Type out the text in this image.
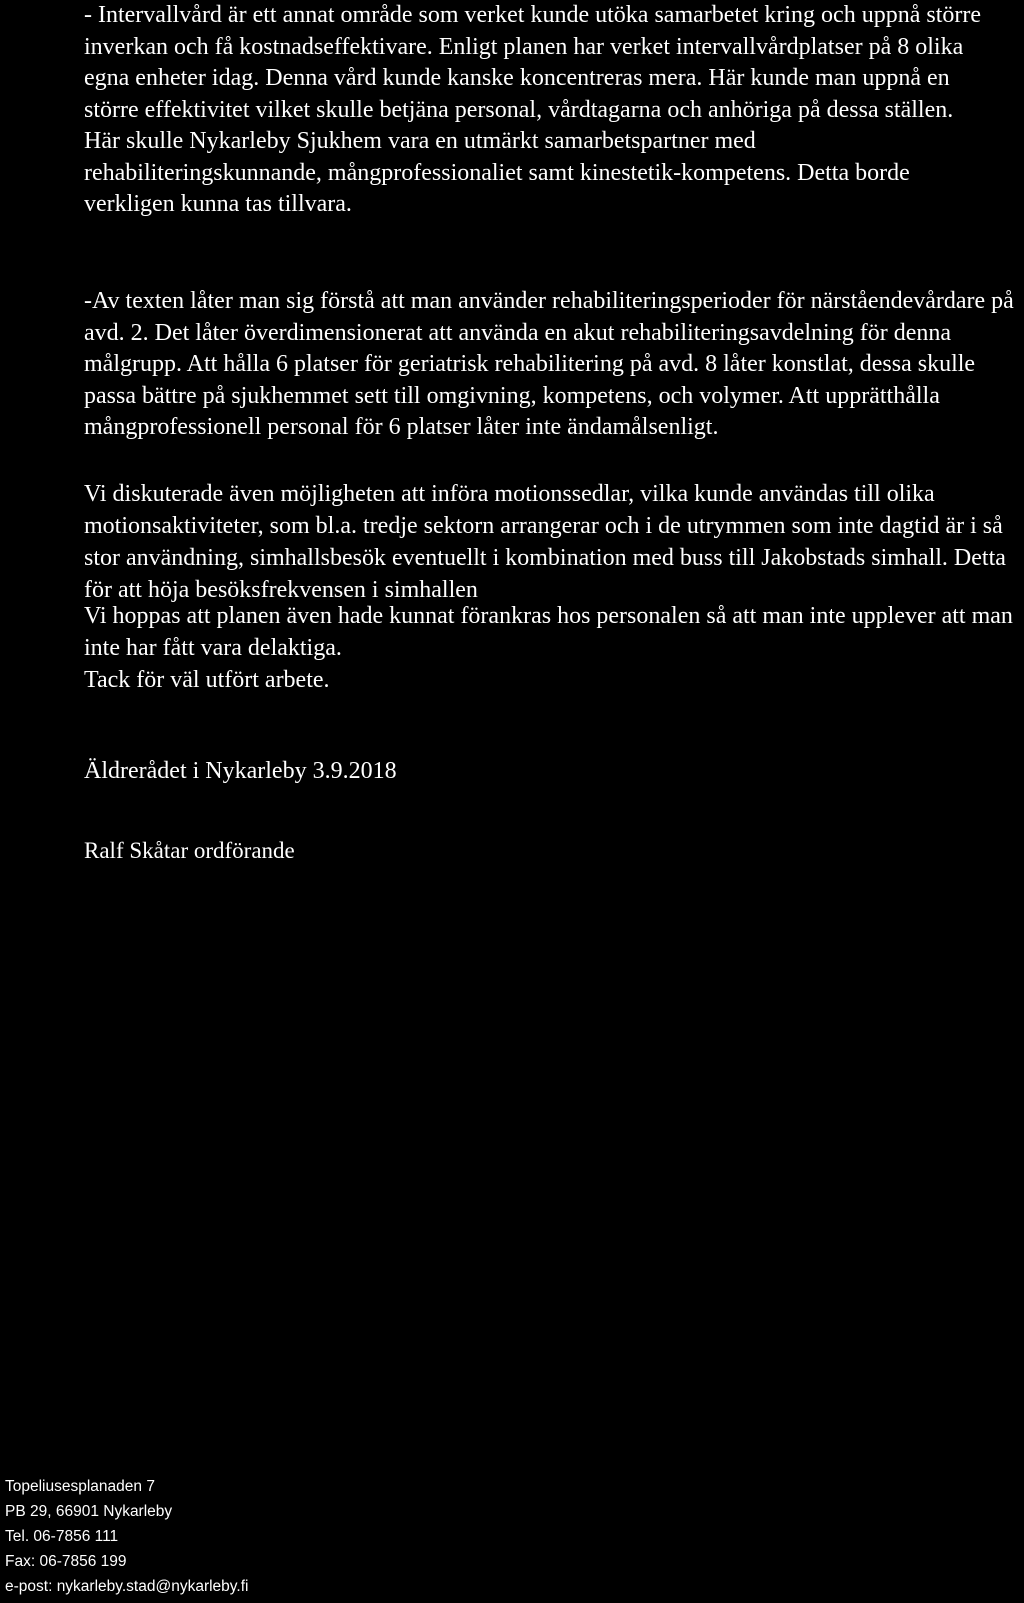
- Intervallvård är ett annat område som verket kunde utöka samarbetet kring och uppnå större inverkan och få kostnadseffektivare. Enligt planen har verket intervallvårdplatser på 8 olika egna enheter idag. Denna vård kunde kanske koncentreras mera. Här kunde man uppnå en större effektivitet vilket skulle betjäna personal, vårdtagarna och anhöriga på dessa ställen. Här skulle Nykarleby Sjukhem vara en utmärkt samarbetspartner med rehabiliteringskunnande, mångprofessionaliet samt kinestetik-kompetens. Detta borde verkligen kunna tas tillvara.

-Av texten låter man sig förstå att man använder rehabiliteringsperioder för närståendevårdare på avd. 2. Det låter överdimensionerat att använda en akut rehabiliteringsavdelning för denna målgrupp. Att hålla 6 platser för geriatrisk rehabilitering på avd. 8 låter konstlat, dessa skulle passa bättre på sjukhemmet sett till omgivning, kompetens, och volymer. Att upprätthålla mångprofessionell personal för 6 platser låter inte ändamålsenligt.

Vi diskuterade även möjligheten att införa motionssedlar, vilka kunde användas till olika motionsaktiviteter, som bl.a. tredje sektorn arrangerar och i de utrymmen som inte dagtid är i så stor användning, simhallsbesök eventuellt i kombination med buss till Jakobstads simhall. Detta för att höja besöksfrekvensen i simhallen

Vi hoppas att planen även hade kunnat förankras hos personalen så att man inte upplever att man inte har fått vara delaktiga.

Tack för väl utfört arbete.

Äldrerådet i Nykarleby 3.9.2018
Ralf Skåtar ordförande
Topeliusesplanaden 7
PB 29, 66901 Nykarleby
Tel. 06-7856 111
Fax: 06-7856 199
e-post: nykarleby.stad@nykarleby.fi
